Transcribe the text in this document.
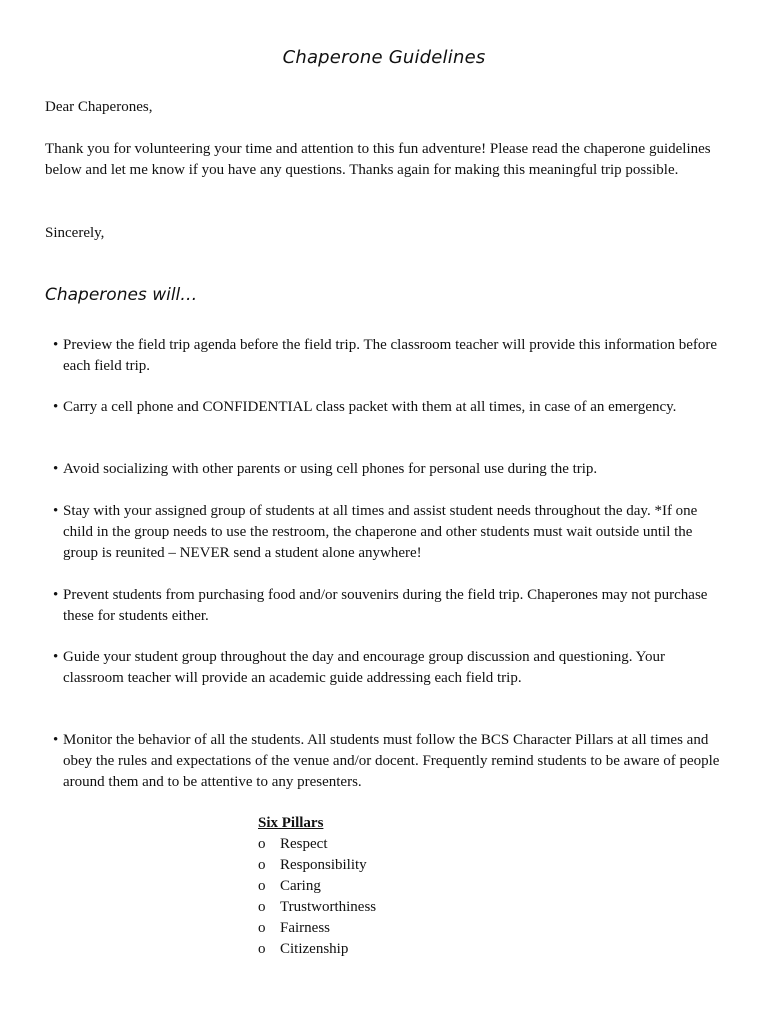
Chaperone Guidelines

Dear Chaperones,

Thank you for volunteering your time and attention to this fun adventure! Please read the chaperone guidelines below and let me know if you have any questions. Thanks again for making this meaningful trip possible.

Sincerely,

Chaperones will…
• Preview the field trip agenda before the field trip. The classroom teacher will provide this information before each field trip.
• Carry a cell phone and CONFIDENTIAL class packet with them at all times, in case of an emergency.
• Avoid socializing with other parents or using cell phones for personal use during the trip.
• Stay with your assigned group of students at all times and assist student needs throughout the day. *If one child in the group needs to use the restroom, the chaperone and other students must wait outside until the group is reunited – NEVER send a student alone anywhere!
• Prevent students from purchasing food and/or souvenirs during the field trip. Chaperones may not purchase these for students either.
• Guide your student group throughout the day and encourage group discussion and questioning. Your classroom teacher will provide an academic guide addressing each field trip.
• Monitor the behavior of all the students. All students must follow the BCS Character Pillars at all times and obey the rules and expectations of the venue and/or docent. Frequently remind students to be aware of people around them and to be attentive to any presenters.
Six Pillars
o Respect
o Responsibility
o Caring
o Trustworthiness
o Fairness
o Citizenship
